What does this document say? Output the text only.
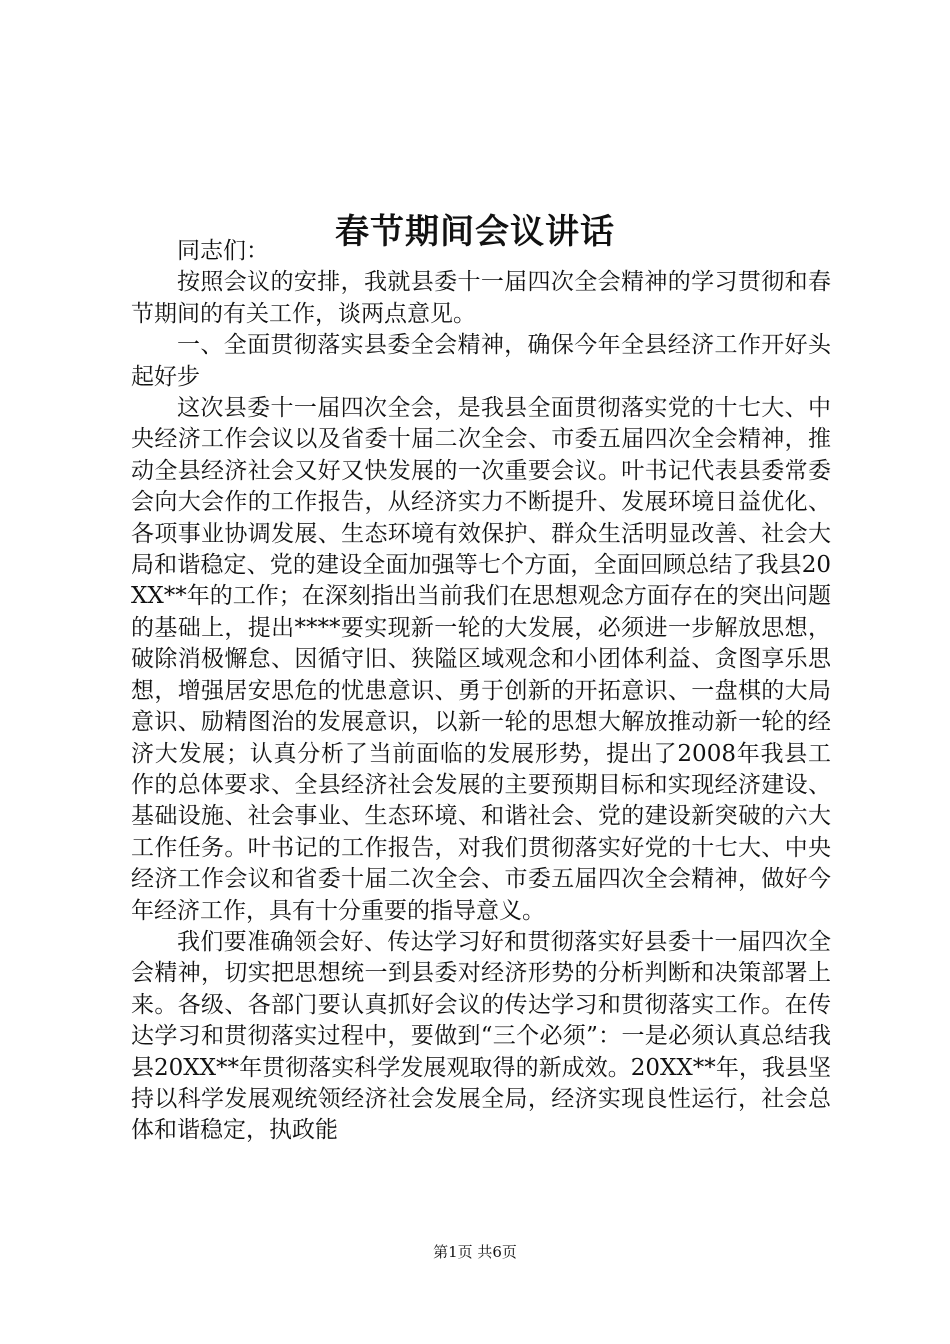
春节期间会议讲话

同志们：

按照会议的安排，我就县委十一届四次全会精神的学习贯彻和春节期间的有关工作，谈两点意见。

一、全面贯彻落实县委全会精神，确保今年全县经济工作开好头起好步

这次县委十一届四次全会，是我县全面贯彻落实党的十七大、中央经济工作会议以及省委十届二次全会、市委五届四次全会精神，推动全县经济社会又好又快发展的一次重要会议。叶书记代表县委常委会向大会作的工作报告，从经济实力不断提升、发展环境日益优化、各项事业协调发展、生态环境有效保护、群众生活明显改善、社会大局和谐稳定、党的建设全面加强等七个方面，全面回顾总结了我县20XX**年的工作；在深刻指出当前我们在思想观念方面存在的突出问题的基础上，提出****要实现新一轮的大发展，必须进一步解放思想，破除消极懈怠、因循守旧、狭隘区域观念和小团体利益、贪图享乐思想，增强居安思危的忧患意识、勇于创新的开拓意识、一盘棋的大局意识、励精图治的发展意识，以新一轮的思想大解放推动新一轮的经济大发展；认真分析了当前面临的发展形势，提出了2008年我县工作的总体要求、全县经济社会发展的主要预期目标和实现经济建设、基础设施、社会事业、生态环境、和谐社会、党的建设新突破的六大工作任务。叶书记的工作报告，对我们贯彻落实好党的十七大、中央经济工作会议和省委十届二次全会、市委五届四次全会精神，做好今年经济工作，具有十分重要的指导意义。

我们要准确领会好、传达学习好和贯彻落实好县委十一届四次全会精神，切实把思想统一到县委对经济形势的分析判断和决策部署上来。各级、各部门要认真抓好会议的传达学习和贯彻落实工作。在传达学习和贯彻落实过程中，要做到“三个必须”：一是必须认真总结我县20XX**年贯彻落实科学发展观取得的新成效。20XX**年，我县坚持以科学发展观统领经济社会发展全局，经济实现良性运行，社会总体和谐稳定，执政能

第1页 共6页
